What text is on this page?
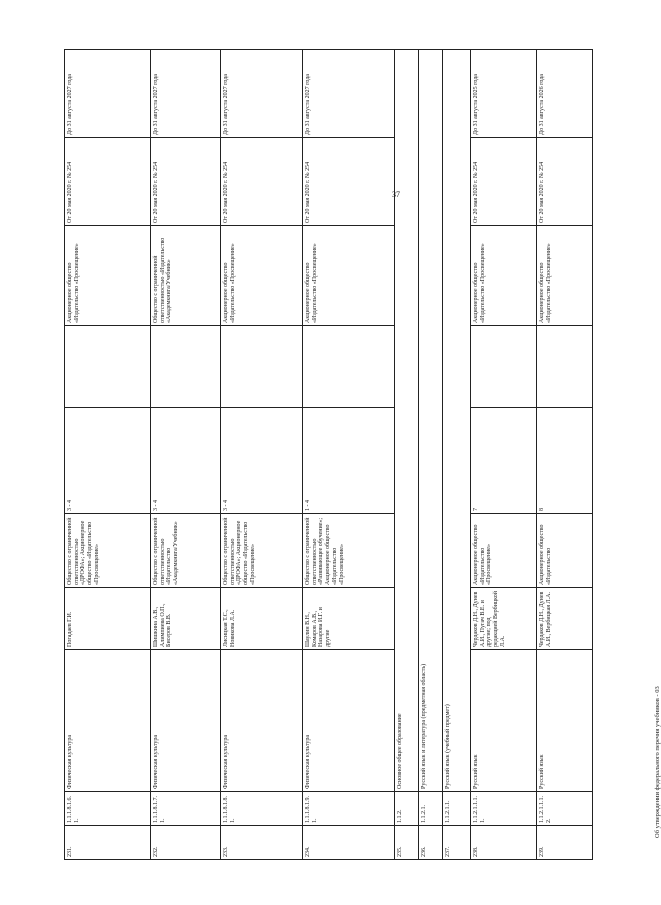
37
231.	1.1.1.8.1.6.1.	Физическая культура	Погадаев Г.И.	Общество с ограниченной ответственностью «ДРОФА»; Акционерное общество «Издательство «Просвещение»	3 - 4		Акционерное общество «Издательство «Просвещение»	От 20 мая 2020 г. № 254	До 31 августа 2027 года
232.	1.1.1.8.1.7.1.	Физическая культура	Шишкина А.В., Алимпиева О.П., Бисеров В.В.	Общество с ограниченной ответственностью «Издательство «Академкнига/Учебник»	3 - 4		Общество с ограниченной ответственностью «Издательство «Академкнига/Учебник»	От 20 мая 2020 г. № 254	До 31 августа 2027 года
233.	1.1.1.8.1.8.1.	Физическая культура	Лисицкая Т.С., Новикова Л.А.	Общество с ограниченной ответственностью «ДРОФА»; Акционерное общество «Издательство «Просвещение»	3 - 4		Акционерное общество «Издательство «Просвещение»	От 20 мая 2020 г. № 254	До 31 августа 2027 года
234.	1.1.1.8.1.9.1.	Физическая культура	Шаулин В.Н., Комаров А.В., Назарова И.Г. и другие	Общество с ограниченной ответственностью «Развивающее обучение»; Акционерное общество «Издательство «Просвещение»	1 - 4		Акционерное общество «Издательство «Просвещение»	От 20 мая 2020 г. № 254	До 31 августа 2027 года
235.	1.1.2.	Основное общее образование							
236.	1.1.2.1.	Русский язык и литература (предметная область)							
237.	1.1.2.1.1.	Русский язык (учебный предмет)							
238.	1.1.2.1.1.1.1.	Русский язык	Чердаков Д.Н., Дунев А.И., Пугач В.Е. и другие; под редакцией Вербицкой Л.А.	Акционерное общество «Издательство «Просвещение»	7		Акционерное общество «Издательство «Просвещение»	От 20 мая 2020 г. № 254	До 31 августа 2025 года
239.	1.1.2.1.1.1.2.	Русский язык	Чердаков Д.Н., Дунев А.И., Вербицкая Л.А.	Акционерное общество «Издательство	8		Акционерное общество «Издательство «Просвещение»	От 20 мая 2020 г. № 254	До 31 августа 2026 года
Об утверждении федерального перечня учебников - 03
